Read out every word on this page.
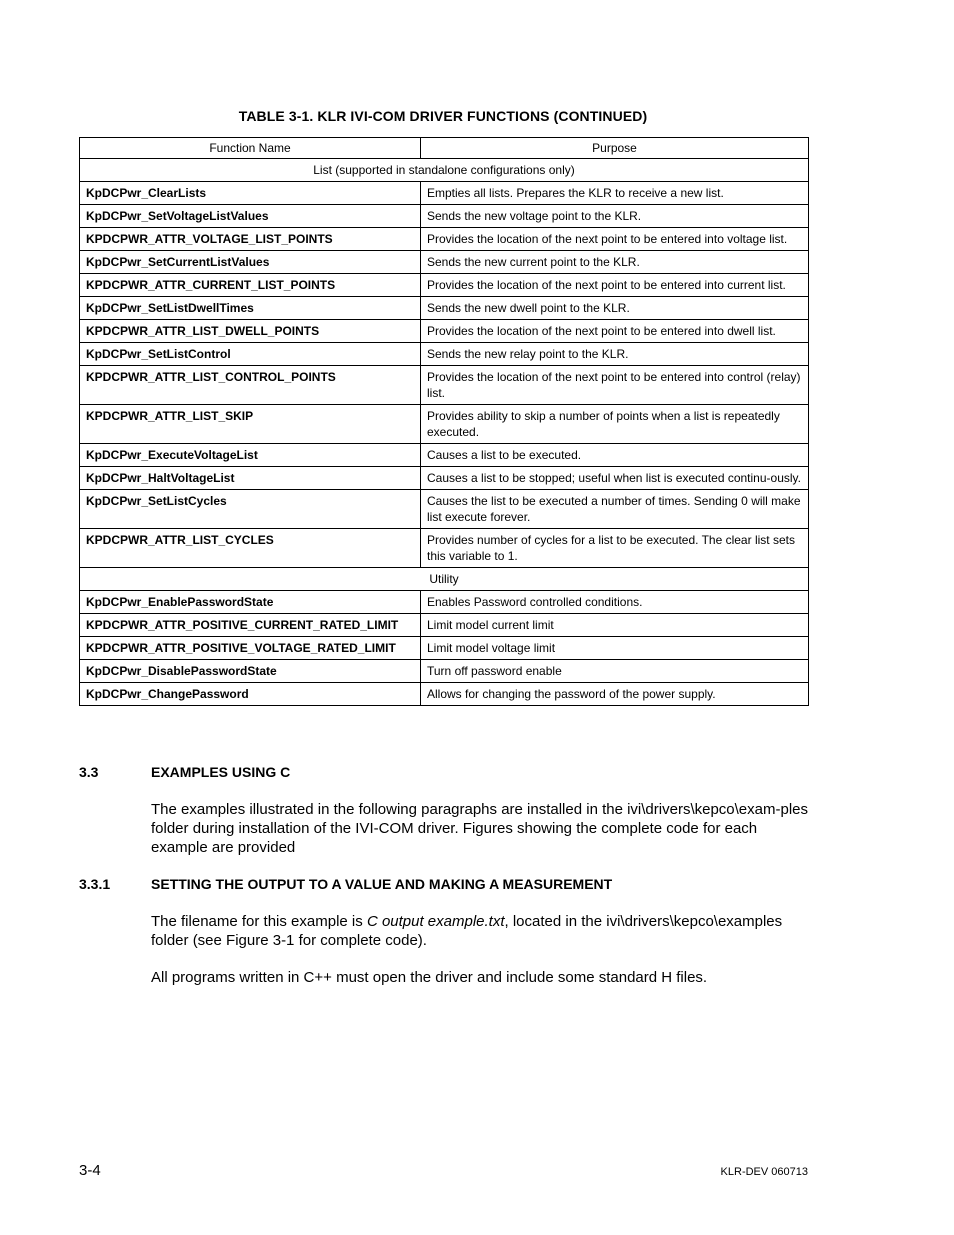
TABLE 3-1. KLR IVI-COM DRIVER FUNCTIONS (CONTINUED)
Function Name	Purpose
List (supported in standalone configurations only)	
KpDCPwr_ClearLists	Empties all lists. Prepares the KLR to receive a new list.
KpDCPwr_SetVoltageListValues	Sends the new voltage point to the KLR.
KPDCPWR_ATTR_VOLTAGE_LIST_POINTS	Provides the location of the next point to be entered into voltage list.
KpDCPwr_SetCurrentListValues	Sends the new current point to the KLR.
KPDCPWR_ATTR_CURRENT_LIST_POINTS	Provides the location of the next point to be entered into current list.
KpDCPwr_SetListDwellTimes	Sends the new dwell point to the KLR.
KPDCPWR_ATTR_LIST_DWELL_POINTS	Provides the location of the next point to be entered into dwell list.
KpDCPwr_SetListControl	Sends the new relay point to the KLR.
KPDCPWR_ATTR_LIST_CONTROL_POINTS	Provides the location of the next point to be entered into control (relay) list.
KPDCPWR_ATTR_LIST_SKIP	Provides ability to skip a number of points when a list is repeatedly executed.
KpDCPwr_ExecuteVoltageList	Causes a list to be executed.
KpDCPwr_HaltVoltageList	Causes a list to be stopped; useful when list is executed continu-ously.
KpDCPwr_SetListCycles	Causes the list to be executed a number of times. Sending 0 will make list execute forever.
KPDCPWR_ATTR_LIST_CYCLES	Provides number of cycles for a list to be executed. The clear list sets this variable to 1.
Utility	
KpDCPwr_EnablePasswordState	Enables Password controlled conditions.
KPDCPWR_ATTR_POSITIVE_CURRENT_RATED_LIMIT	Limit model current limit
KPDCPWR_ATTR_POSITIVE_VOLTAGE_RATED_LIMIT	Limit model voltage limit
KpDCPwr_DisablePasswordState	Turn off password enable
KpDCPwr_ChangePassword	Allows for changing the password of the power supply.
3.3	EXAMPLES USING C
The examples illustrated in the following paragraphs are installed in the ivi\drivers\kepco\exam-ples folder during installation of the IVI-COM driver. Figures showing the complete code for each example are provided
3.3.1	SETTING THE OUTPUT TO A VALUE AND MAKING A MEASUREMENT
The filename for this example is C output example.txt, located in the ivi\drivers\kepco\examples folder (see Figure 3-1 for complete code).
All programs written in C++ must open the driver and include some standard H files.
3-4	KLR-DEV 060713
